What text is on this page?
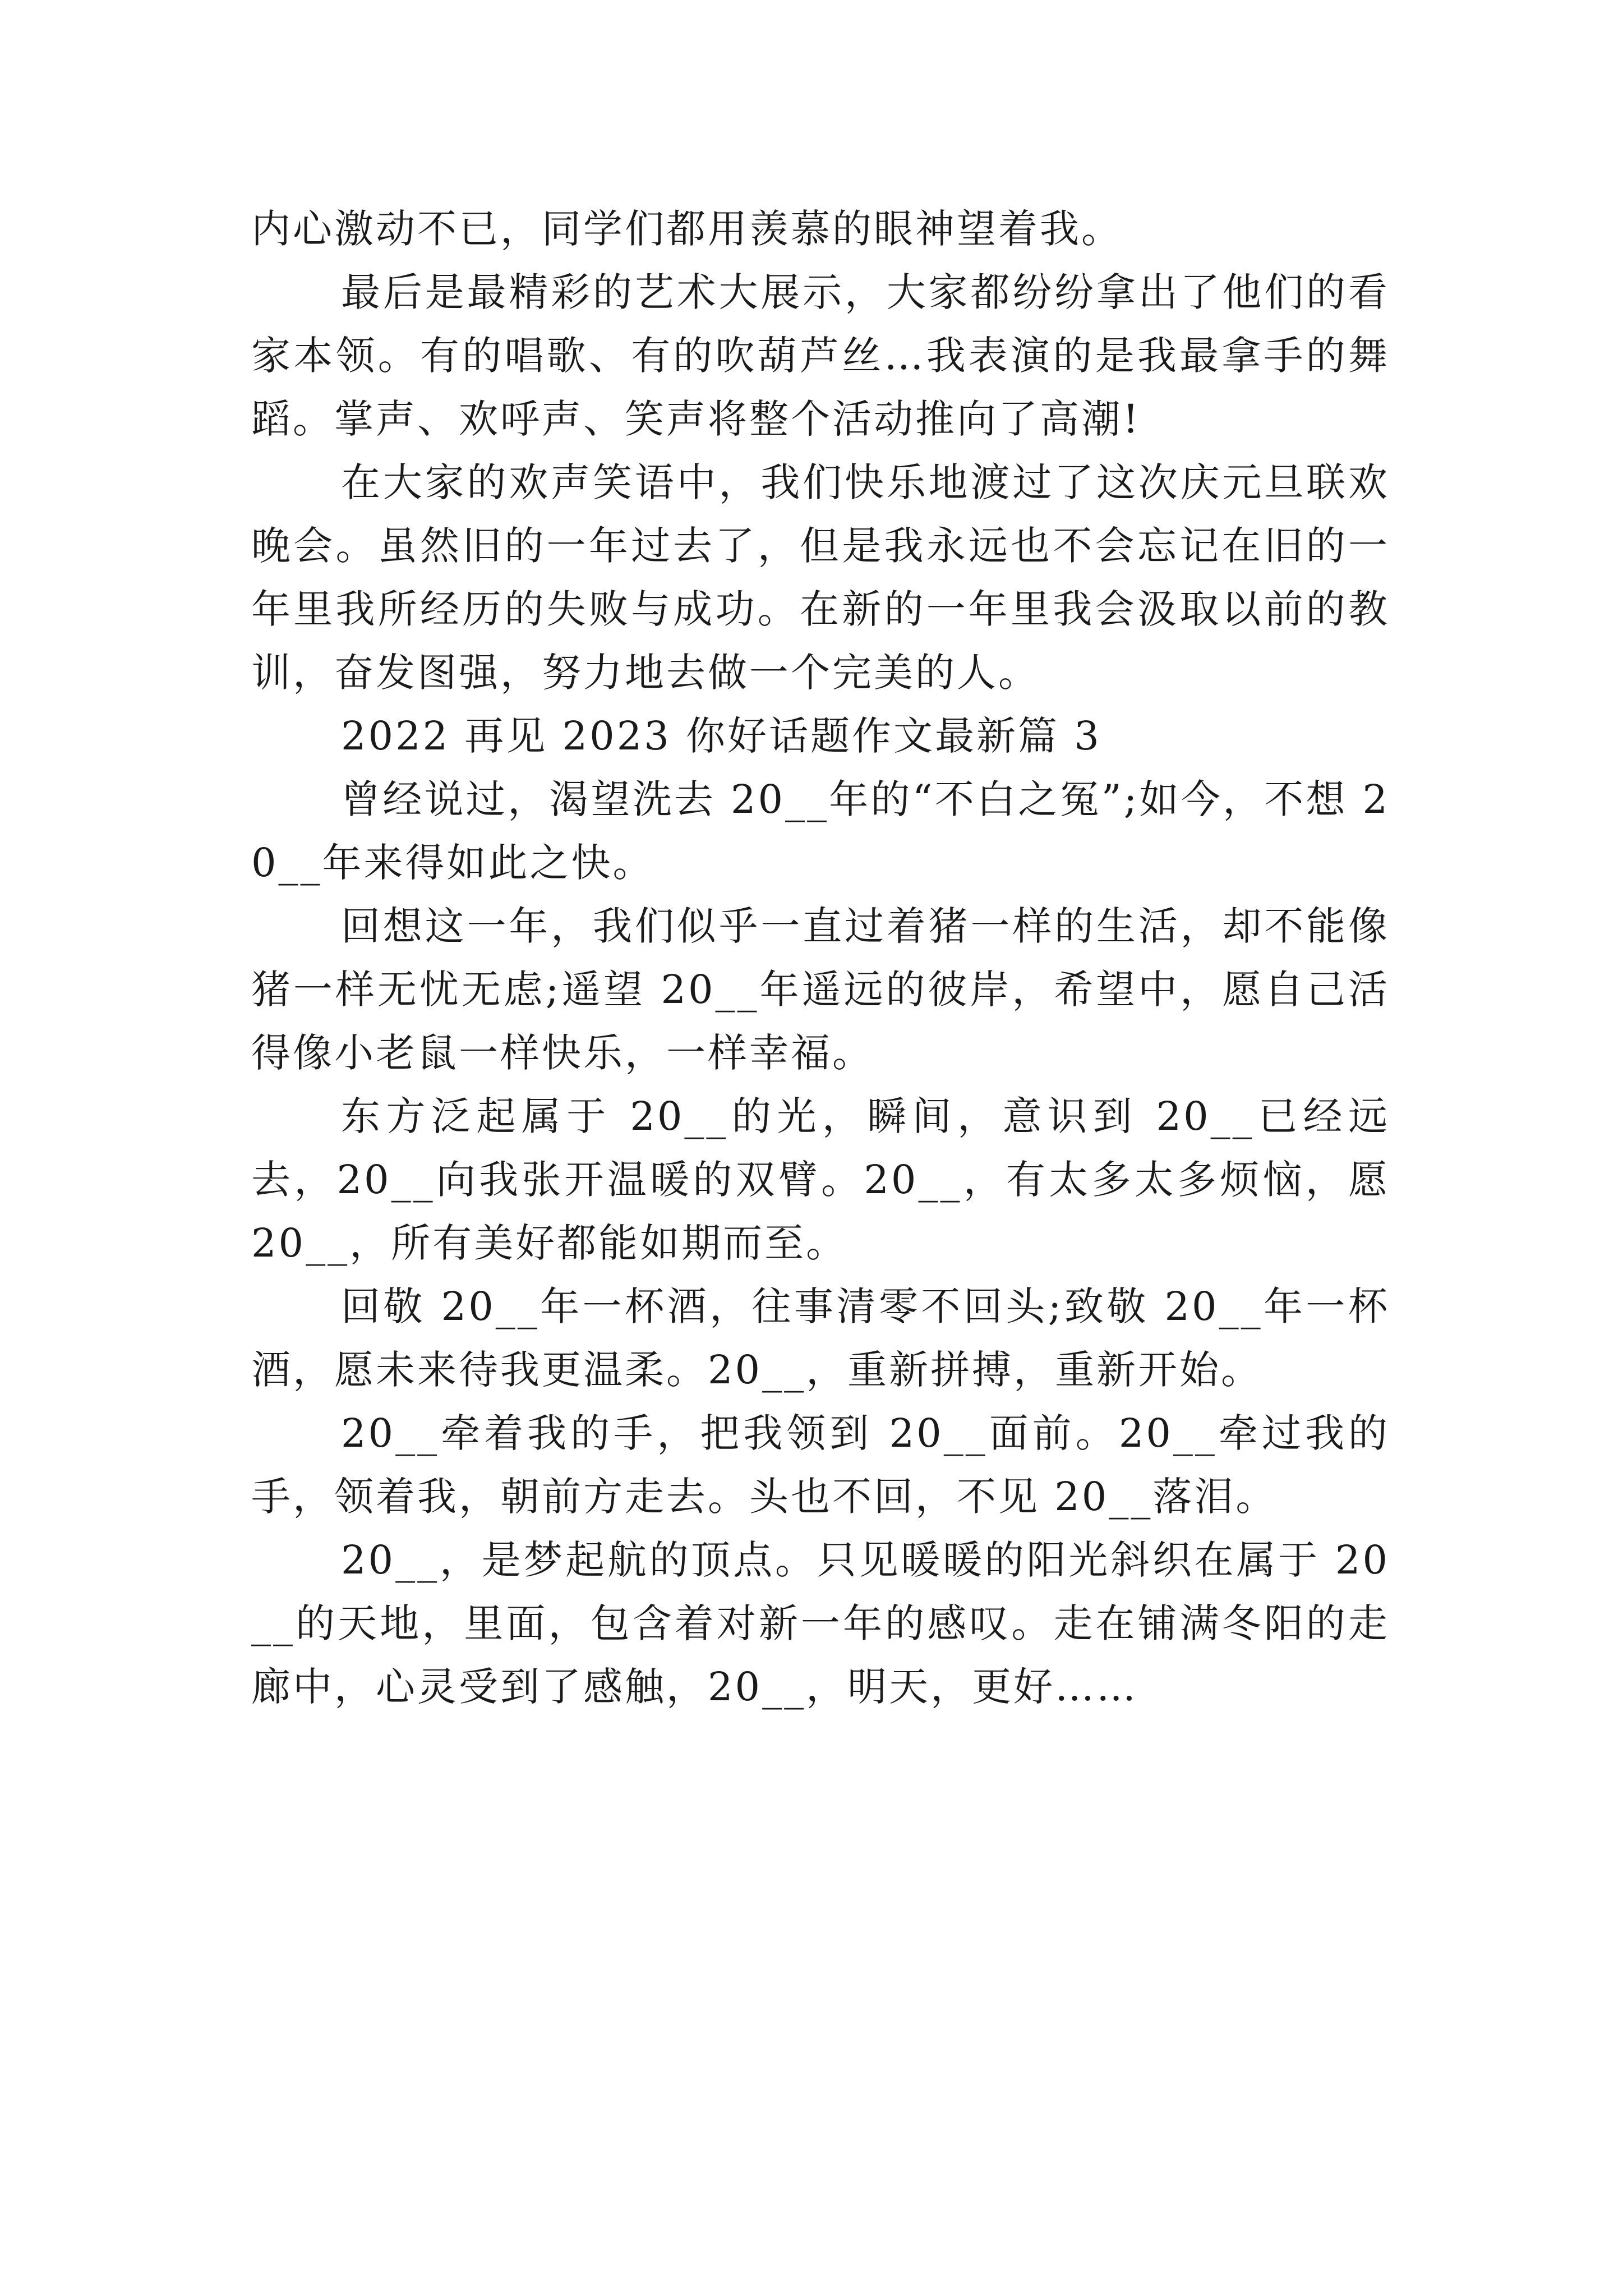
内心激动不已，同学们都用羡慕的眼神望着我。

最后是最精彩的艺术大展示，大家都纷纷拿出了他们的看家本领。有的唱歌、有的吹葫芦丝…我表演的是我最拿手的舞蹈。掌声、欢呼声、笑声将整个活动推向了高潮!

在大家的欢声笑语中，我们快乐地渡过了这次庆元旦联欢晚会。虽然旧的一年过去了，但是我永远也不会忘记在旧的一年里我所经历的失败与成功。在新的一年里我会汲取以前的教训，奋发图强，努力地去做一个完美的人。

2022 再见 2023 你好话题作文最新篇 3

曾经说过，渴望洗去 20__年的“不白之冤”;如今，不想 20__年来得如此之快。

回想这一年，我们似乎一直过着猪一样的生活，却不能像猪一样无忧无虑;遥望 20__年遥远的彼岸，希望中，愿自己活得像小老鼠一样快乐，一样幸福。

东方泛起属于 20__的光，瞬间，意识到 20__已经远去，20__向我张开温暖的双臂。20__，有太多太多烦恼，愿 20__，所有美好都能如期而至。

回敬 20__年一杯酒，往事清零不回头;致敬 20__年一杯酒，愿未来待我更温柔。20__，重新拼搏，重新开始。

20__牵着我的手，把我领到 20__面前。20__牵过我的手，领着我，朝前方走去。头也不回，不见 20__落泪。

20__，是梦起航的顶点。只见暖暖的阳光斜织在属于 20__的天地，里面，包含着对新一年的感叹。走在铺满冬阳的走廊中，心灵受到了感触，20__，明天，更好……
